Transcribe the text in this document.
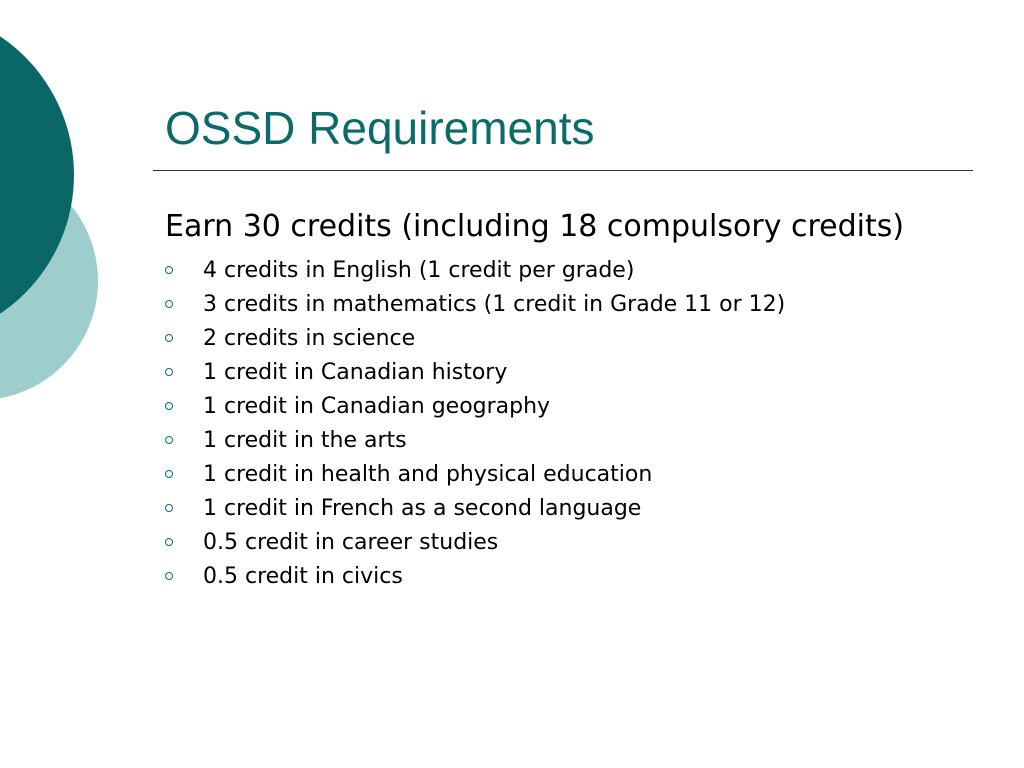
OSSD Requirements

Earn 30 credits (including 18 compulsory credits)

4 credits in English (1 credit per grade)
3 credits in mathematics (1 credit in Grade 11 or 12)
2 credits in science
1 credit in Canadian history
1 credit in Canadian geography
1 credit in the arts
1 credit in health and physical education
1 credit in French as a second language
0.5 credit in career studies
0.5 credit in civics
